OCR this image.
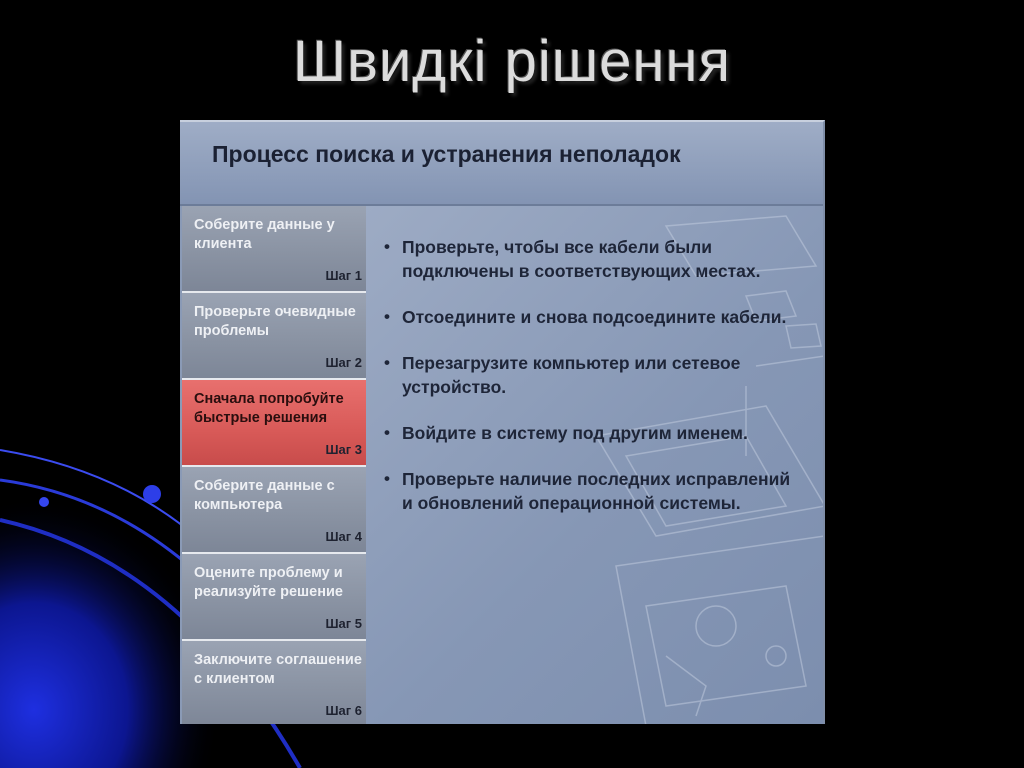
Швидкі рішення
Процесс поиска и устранения неполадок
Соберите данные у клиента
Шаг 1
Проверьте очевидные проблемы
Шаг 2
Сначала попробуйте быстрые решения
Шаг 3
Соберите данные с компьютера
Шаг 4
Оцените проблему и реализуйте решение
Шаг 5
Заключите соглашение с клиентом
Шаг 6
• Проверьте, чтобы все кабели были подключены в соответствующих местах.
• Отсоедините и снова подсоедините кабели.
• Перезагрузите компьютер или сетевое устройство.
• Войдите в систему под другим именем.
• Проверьте наличие последних исправлений и обновлений операционной системы.
